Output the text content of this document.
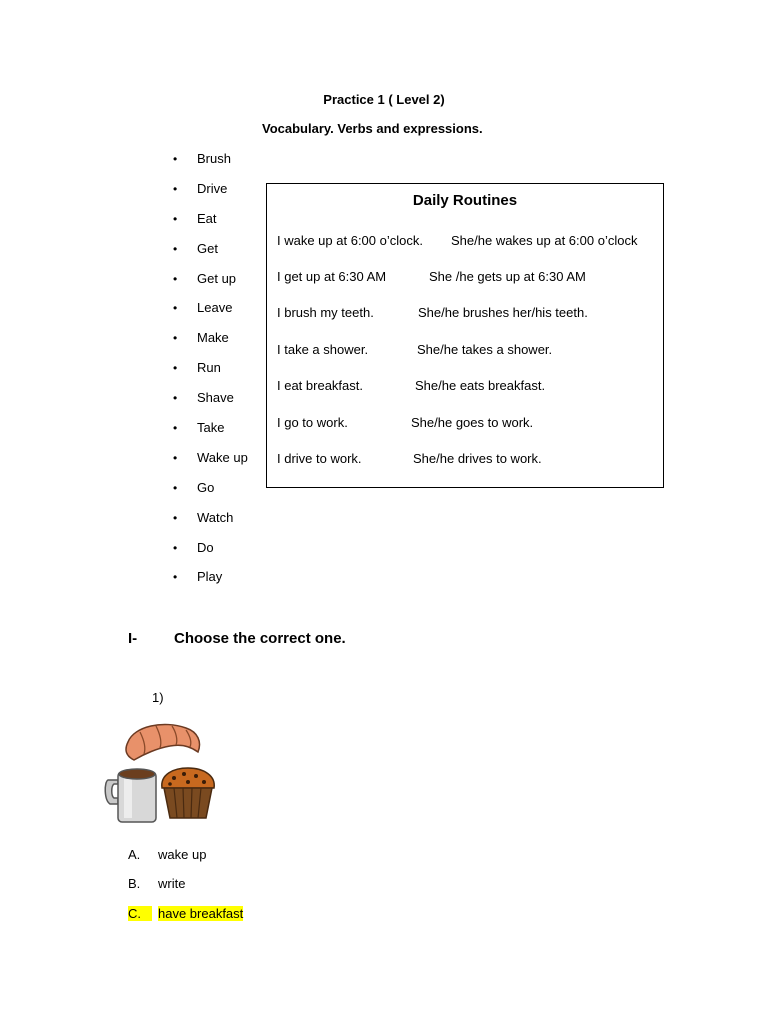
Practice 1 ( Level 2)
Vocabulary. Verbs and expressions.
• Brush
• Drive
• Eat
• Get
• Get up
• Leave
• Make
• Run
• Shave
• Take
• Wake up
• Go
• Watch
• Do
• Play
Daily Routines
I wake up at 6:00 o’clock. She/he wakes up at 6:00 o’clock
I get up at 6:30 AM	She /he gets up at 6:30 AM
I brush my teeth.	She/he brushes her/his teeth.
I take a shower.	She/he takes a shower.
I eat breakfast.	She/he eats breakfast.
I go to work.	She/he goes to work.
I drive to work.	She/he drives to work.
I- Choose the correct one.
1)
A. wake up
B. write
C.	have breakfast
